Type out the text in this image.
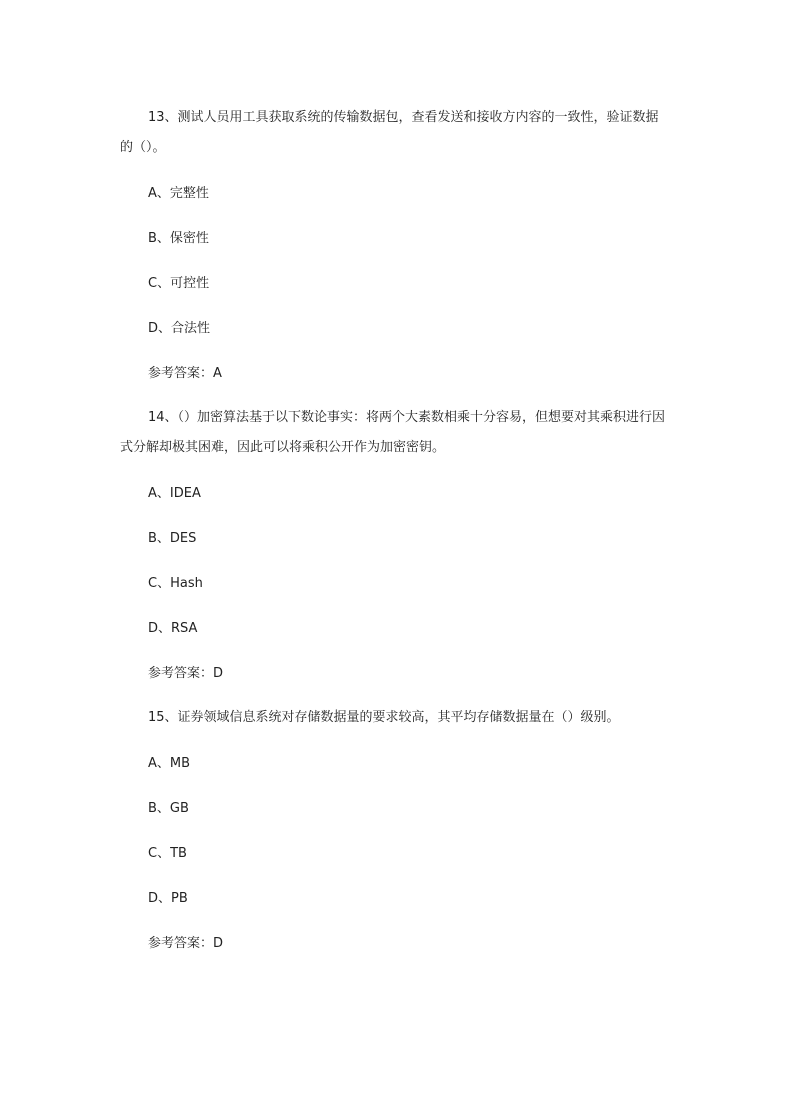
13、测试人员用工具获取系统的传输数据包，查看发送和接收方内容的一致性，验证数据的（）。

A、完整性

B、保密性

C、可控性

D、合法性

参考答案：A

14、（）加密算法基于以下数论事实：将两个大素数相乘十分容易，但想要对其乘积进行因式分解却极其困难，因此可以将乘积公开作为加密密钥。

A、IDEA

B、DES

C、Hash

D、RSA

参考答案：D

15、证券领域信息系统对存储数据量的要求较高，其平均存储数据量在（）级别。

A、MB

B、GB

C、TB

D、PB

参考答案：D
